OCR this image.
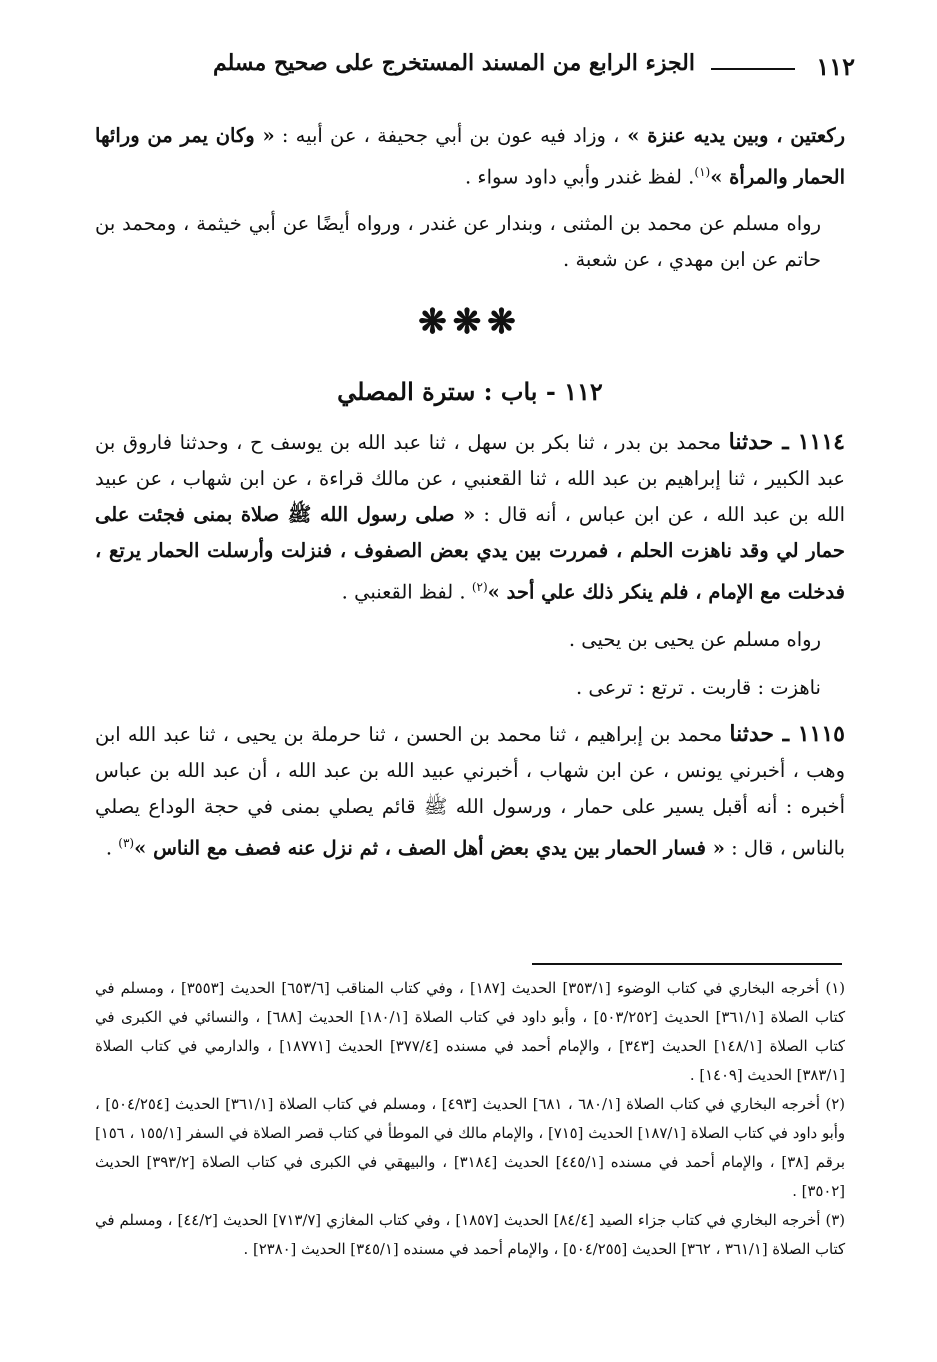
١١٢
الجزء الرابع من المسند المستخرج على صحيح مسلم

ركعتين ، وبين يديه عنزة » ، وزاد فيه عون بن أبي جحيفة ، عن أبيه : « وكان يمر من ورائها الحمار والمرأة »$^{(١)}$. لفظ غندر وأبي داود سواء .

رواه مسلم عن محمد بن المثنى ، وبندار عن غندر ، ورواه أيضًا عن أبي خيثمة ، ومحمد بن حاتم عن ابن مهدي ، عن شعبة .

❋❋❋
١١٢ - باب : سترة المصلي

١١١٤ ـ حدثنا محمد بن بدر ، ثنا بكر بن سهل ، ثنا عبد الله بن يوسف ح ، وحدثنا فاروق بن عبد الكبير ، ثنا إبراهيم بن عبد الله ، ثنا القعنبي ، عن مالك قراءة ، عن ابن شهاب ، عن عبيد الله بن عبد الله ، عن ابن عباس ، أنه قال : « صلى رسول الله ﷺ صلاة بمنى فجئت على حمار لي وقد ناهزت الحلم ، فمررت بين يدي بعض الصفوف ، فنزلت وأرسلت الحمار يرتع ، فدخلت مع الإمام ، فلم ينكر ذلك علي أحد »$^{(٢)}$ . لفظ القعنبي .

رواه مسلم عن يحيى بن يحيى .

ناهزت : قاربت . ترتع : ترعى .

١١١٥ ـ حدثنا محمد بن إبراهيم ، ثنا محمد بن الحسن ، ثنا حرملة بن يحيى ، ثنا عبد الله ابن وهب ، أخبرني يونس ، عن ابن شهاب ، أخبرني عبيد الله بن عبد الله ، أن عبد الله بن عباس أخبره : أنه أقبل يسير على حمار ، ورسول الله ﷺ قائم يصلي بمنى في حجة الوداع يصلي بالناس ، قال : « فسار الحمار بين يدي بعض أهل الصف ، ثم نزل عنه فصف مع الناس »$^{(٣)}$ .

(١) أخرجه البخاري في كتاب الوضوء [٣٥٣/١] الحديث [١٨٧] ، وفي كتاب المناقب [٦٥٣/٦] الحديث [٣٥٥٣] ، ومسلم في كتاب الصلاة [٣٦١/١] الحديث [٥٠٣/٢٥٢] ، وأبو داود في كتاب الصلاة [١٨٠/١] الحديث [٦٨٨] ، والنسائي في الكبرى في كتاب الصلاة [١٤٨/١] الحديث [٣٤٣] ، والإمام أحمد في مسنده [٣٧٧/٤] الحديث [١٨٧٧١] ، والدارمي في كتاب الصلاة [٣٨٣/١] الحديث [١٤٠٩] .

(٢) أخرجه البخاري في كتاب الصلاة [٦٨٠/١ ، ٦٨١] الحديث [٤٩٣] ، ومسلم في كتاب الصلاة [٣٦١/١] الحديث [٥٠٤/٢٥٤] ، وأبو داود في كتاب الصلاة [١٨٧/١] الحديث [٧١٥] ، والإمام مالك في الموطأ في كتاب قصر الصلاة في السفر [١٥٥/١ ، ١٥٦] برقم [٣٨] ، والإمام أحمد في مسنده [٤٤٥/١] الحديث [٣١٨٤] ، والبيهقي في الكبرى في كتاب الصلاة [٣٩٣/٢] الحديث [٣٥٠٢] .

(٣) أخرجه البخاري في كتاب جزاء الصيد [٨٤/٤] الحديث [١٨٥٧] ، وفي كتاب المغازي [٧١٣/٧] الحديث [٤٤/٢] ، ومسلم في كتاب الصلاة [٣٦١/١ ، ٣٦٢] الحديث [٥٠٤/٢٥٥] ، والإمام أحمد في مسنده [٣٤٥/١] الحديث [٢٣٨٠] .
